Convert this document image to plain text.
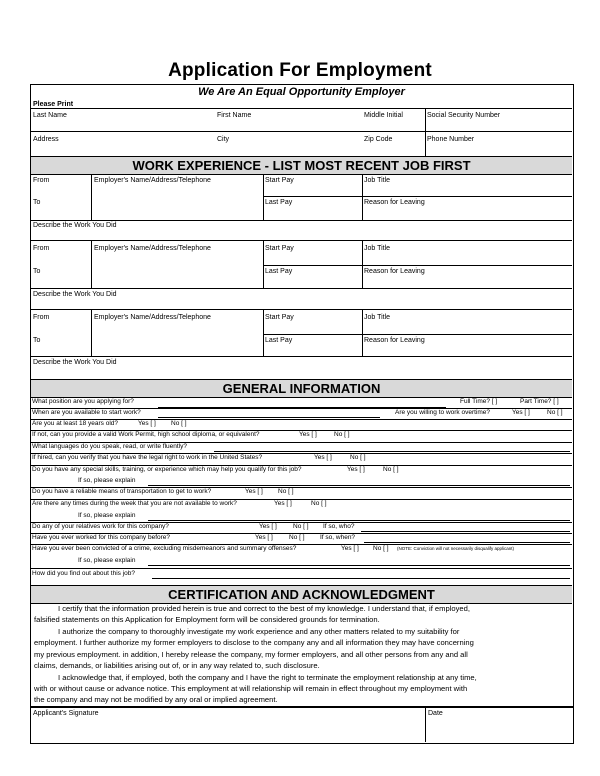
Application For Employment
We Are An Equal Opportunity Employer
Please Print
Last Name	First Name	Middle Initial	Social Security Number
Address	City	Zip Code	Phone Number
WORK EXPERIENCE - LIST MOST RECENT JOB FIRST
From	Employer's Name/Address/Telephone	Start Pay	Job Title
To	Last Pay	Reason for Leaving
Describe the Work You Did
From	Employer's Name/Address/Telephone	Start Pay	Job Title
To	Last Pay	Reason for Leaving
Describe the Work You Did
From	Employer's Name/Address/Telephone	Start Pay	Job Title
To	Last Pay	Reason for Leaving
Describe the Work You Did
GENERAL INFORMATION
What position are you applying for?	Full Time? [ ]	Part Time? [ ]
When are you available to start work?	Are you willing to work overtime?	Yes [ ]	No [ ]
Are you at least 18 years old?	Yes [ ] No [ ]
If not, can you provide a valid Work Permit, high school diploma, or equivalent?	Yes [ ]	No [ ]
What languages do you speak, read, or write fluently?
If hired, can you verify that you have the legal right to work in the United States?	Yes [ ]	No [ ]
Do you have any special skills, training, or experience which may help you qualify for this job?	Yes [ ]	No [ ]
If so, please explain
Do you have a reliable means of transportation to get to work?	Yes [ ] No [ ]
Are there any times during the week that you are not available to work?	Yes [ ]	No [ ]
If so, please explain
Do any of your relatives work for this company?	Yes [ ] No [ ] If so, who?
Have you ever worked for this company before?	Yes [ ] No [ ] If so, when?
Have you ever been convicted of a crime, excluding misdemeanors and summary offenses?	Yes [ ] No [ ] (NOTE: Conviction will not necessarily disqualify applicant)
If so, please explain
How did you find out about this job?
CERTIFICATION AND ACKNOWLEDGMENT
I certify that the information provided herein is true and correct to the best of my knowledge. I understand that, if employed,
falsified statements on this Application for Employment form will be considered grounds for termination.
I authorize the company to thoroughly investigate my work experience and any other matters related to my suitability for
employment. I further authorize my former employers to disclose to the company any and all information they may have concerning
my previous employment. in addition, I hereby release the company, my former employers, and all other persons from any and all
claims, demands, or liabilities arising out of, or in any way related to, such disclosure.
I acknowledge that, if employed, both the company and I have the right to terminate the employment relationship at any time,
with or without cause or advance notice. This employment at will relationship will remain in effect throughout my employment with
the company and may not be modified by any oral or implied agreement.
Applicant's Signature	Date
